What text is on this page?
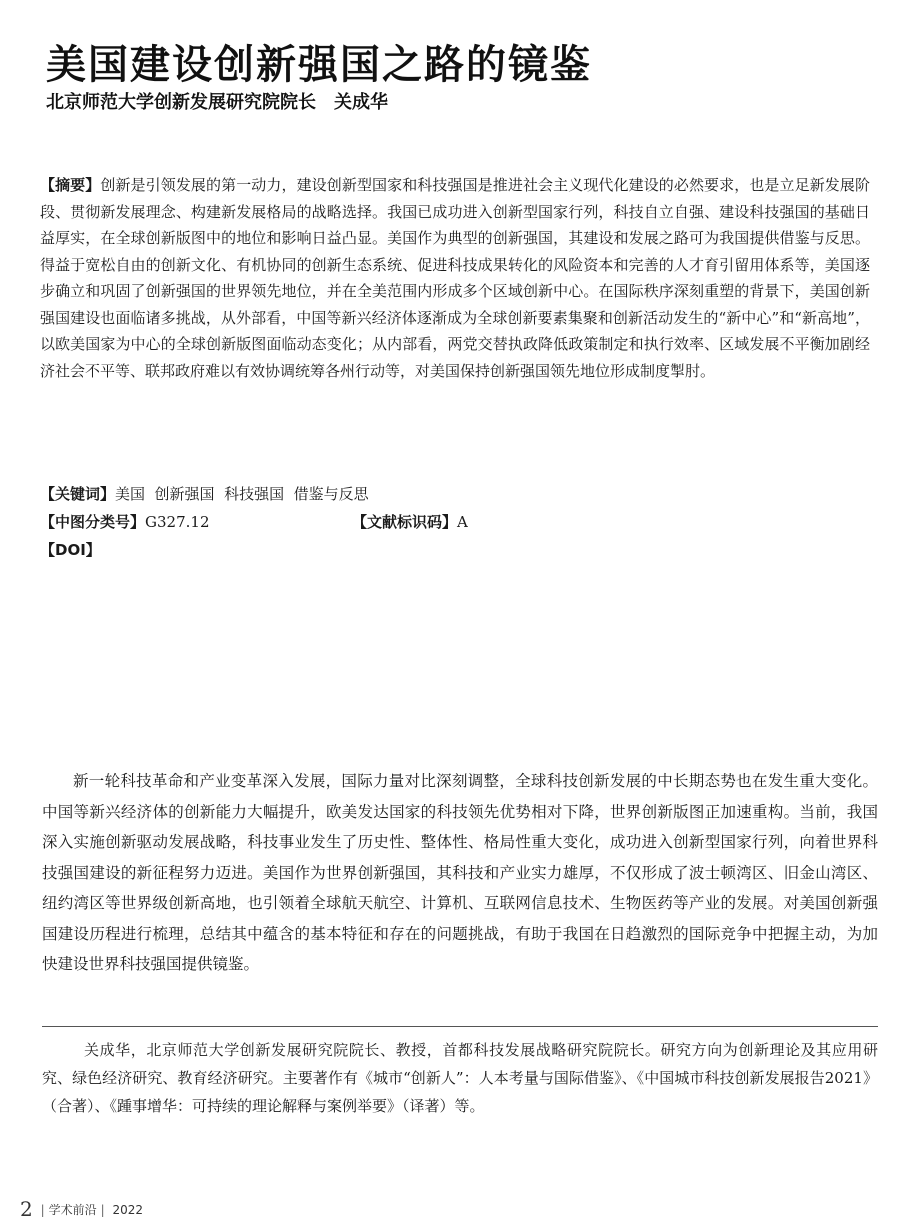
美国建设创新强国之路的镜鉴
北京师范大学创新发展研究院院长 关成华
【摘要】创新是引领发展的第一动力，建设创新型国家和科技强国是推进社会主义现代化建设的必然要求，也是立足新发展阶段、贯彻新发展理念、构建新发展格局的战略选择。我国已成功进入创新型国家行列，科技自立自强、建设科技强国的基础日益厚实，在全球创新版图中的地位和影响日益凸显。美国作为典型的创新强国，其建设和发展之路可为我国提供借鉴与反思。得益于宽松自由的创新文化、有机协同的创新生态系统、促进科技成果转化的风险资本和完善的人才育引留用体系等，美国逐步确立和巩固了创新强国的世界领先地位，并在全美范围内形成多个区域创新中心。在国际秩序深刻重塑的背景下，美国创新强国建设也面临诸多挑战，从外部看，中国等新兴经济体逐渐成为全球创新要素集聚和创新活动发生的“新中心”和“新高地”，以欧美国家为中心的全球创新版图面临动态变化；从内部看，两党交替执政降低政策制定和执行效率、区域发展不平衡加剧经济社会不平等、联邦政府难以有效协调统筹各州行动等，对美国保持创新强国领先地位形成制度掣肘。
【关键词】美国  创新强国  科技强国  借鉴与反思
【中图分类号】G327.12	【文献标识码】A
【DOI】

新一轮科技革命和产业变革深入发展，国际力量对比深刻调整，全球科技创新发展的中长期态势也在发生重大变化。中国等新兴经济体的创新能力大幅提升，欧美发达国家的科技领先优势相对下降，世界创新版图正加速重构。当前，我国深入实施创新驱动发展战略，科技事业发生了历史性、整体性、格局性重大变化，成功进入创新型国家行列，向着世界科技强国建设的新征程努力迈进。美国作为世界创新强国，其科技和产业实力雄厚，不仅形成了波士顿湾区、旧金山湾区、纽约湾区等世界级创新高地，也引领着全球航天航空、计算机、互联网信息技术、生物医药等产业的发展。对美国创新强国建设历程进行梳理，总结其中蕴含的基本特征和存在的问题挑战，有助于我国在日趋激烈的国际竞争中把握主动，为加快建设世界科技强国提供镜鉴。

关成华，北京师范大学创新发展研究院院长、教授，首都科技发展战略研究院院长。研究方向为创新理论及其应用研究、绿色经济研究、教育经济研究。主要著作有《城市“创新人”：人本考量与国际借鉴》、《中国城市科技创新发展报告2021》（合著）、《踵事增华：可持续的理论解释与案例举要》（译著）等。

2 | 学术前沿 | 2022
